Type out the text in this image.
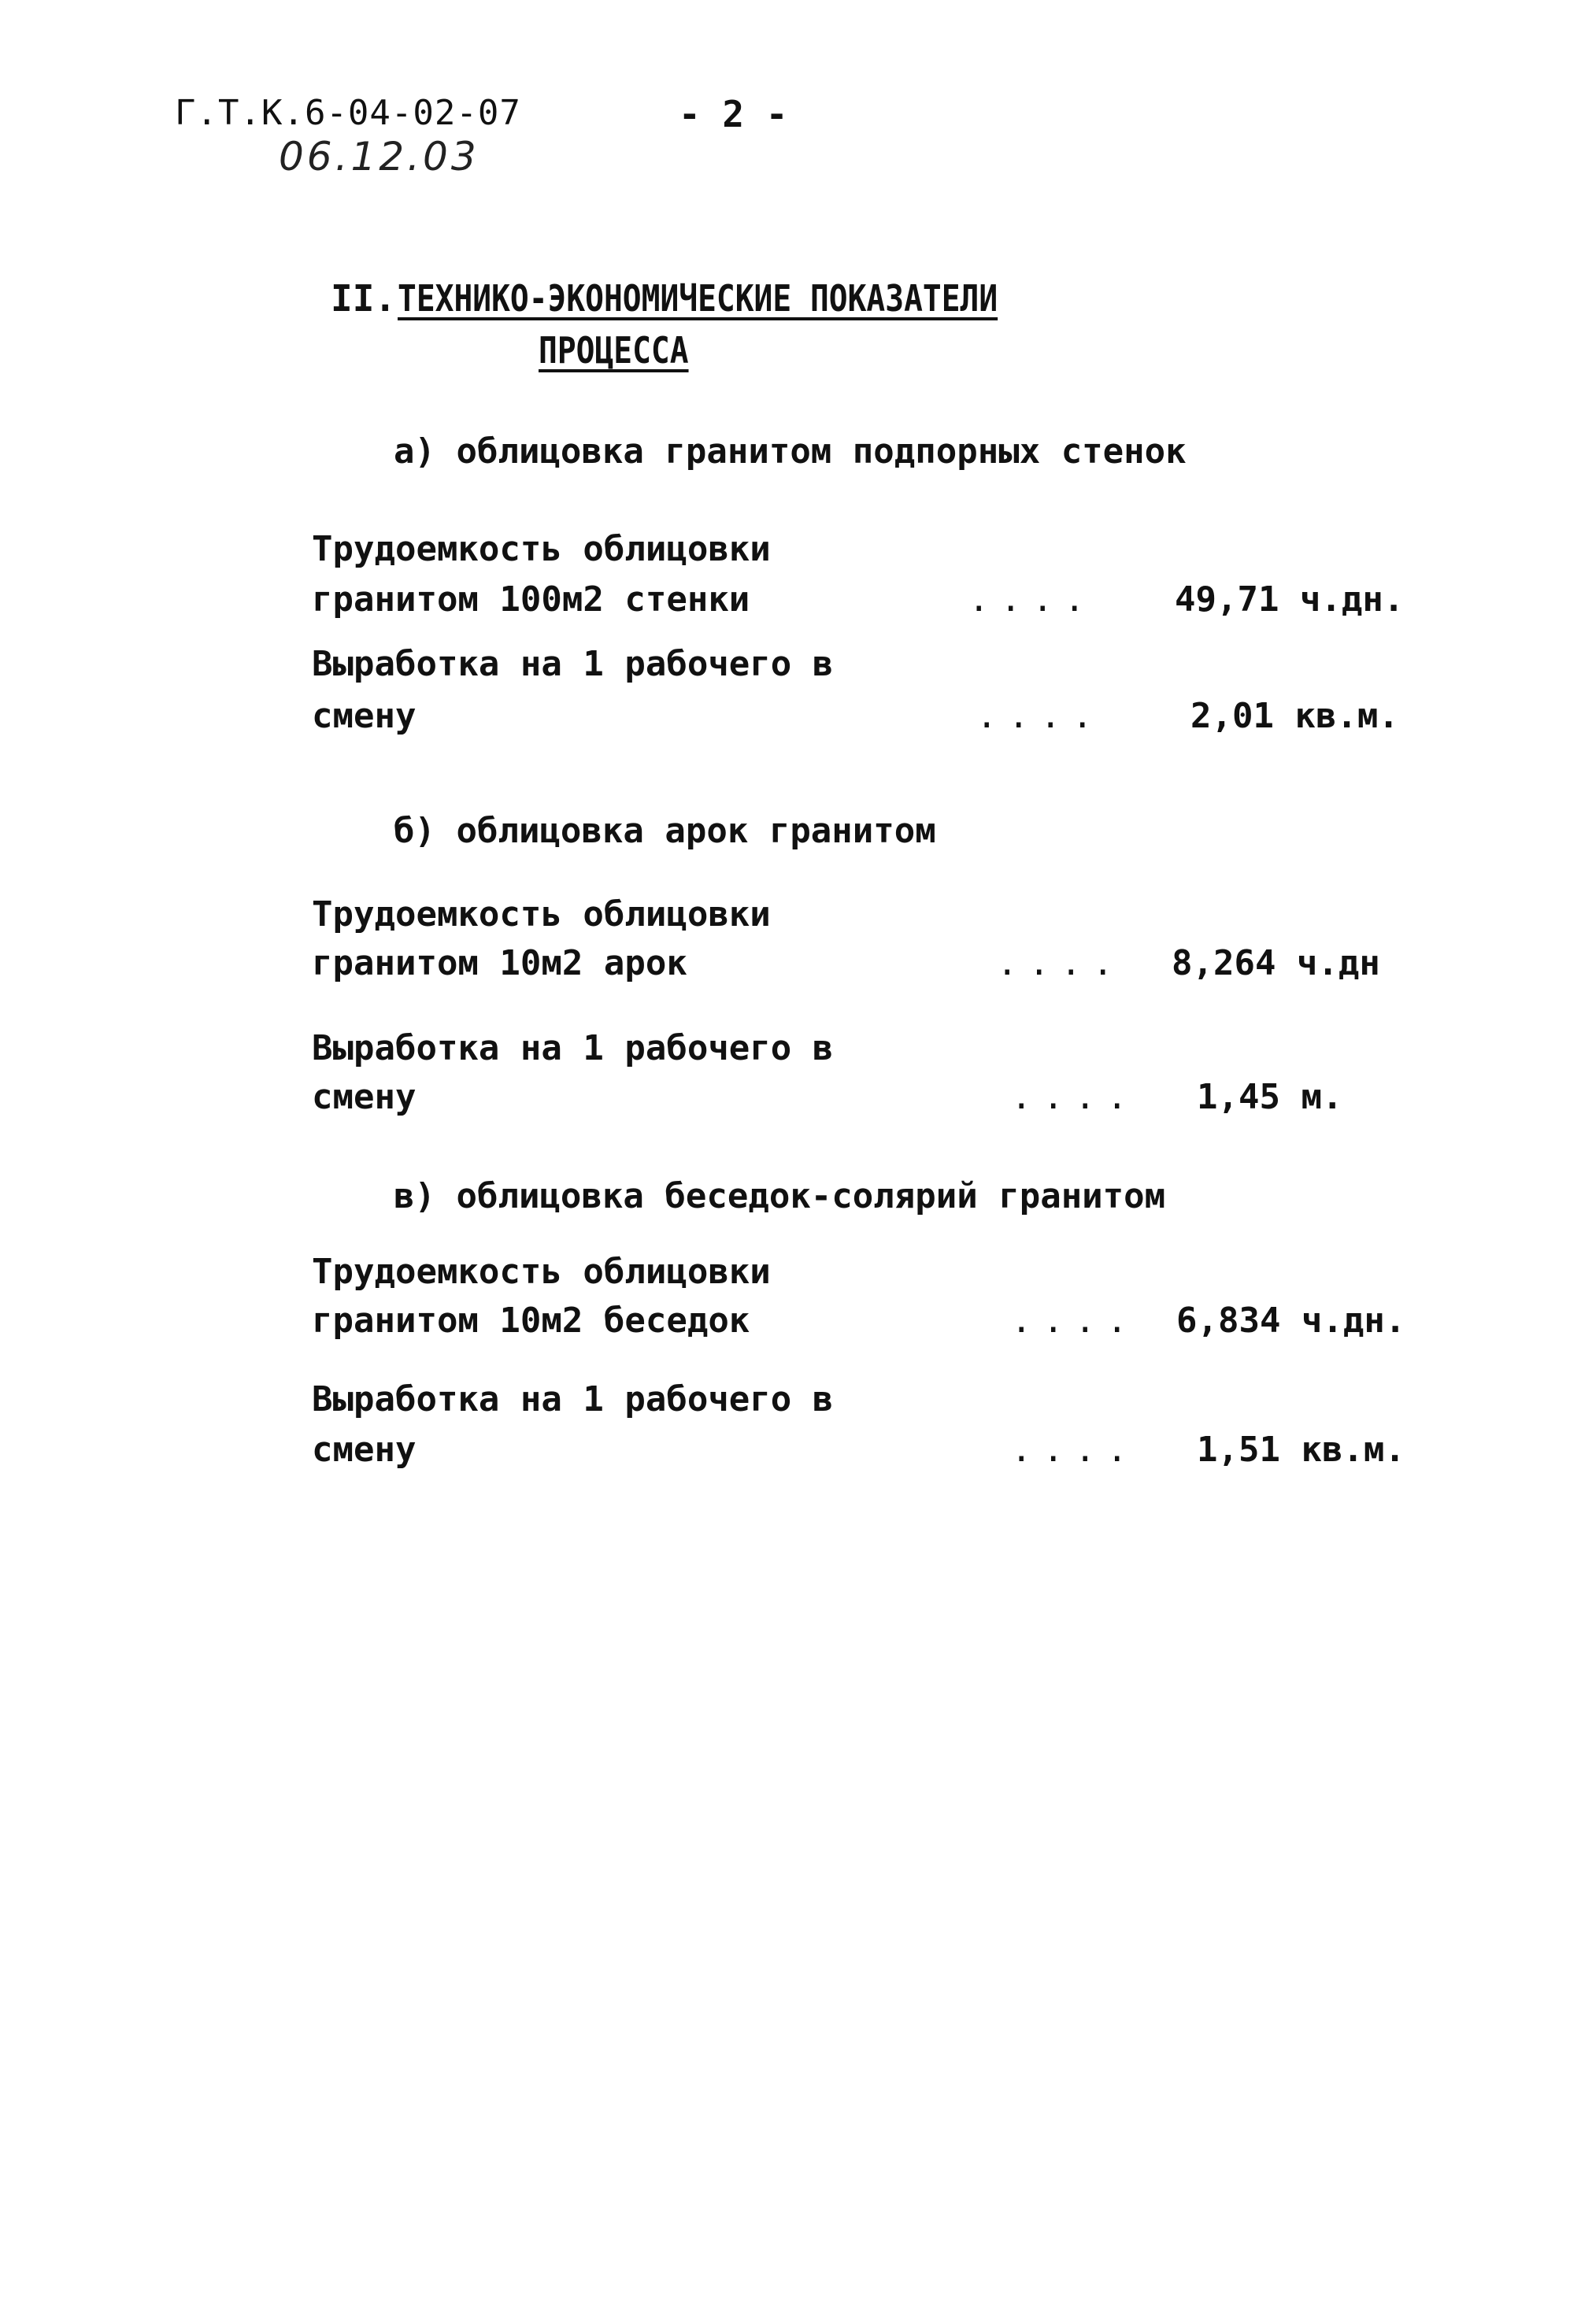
Г.Т.К.6-04-02-07	- 2 -
06.12.03
II. ТЕХНИКО-ЭКОНОМИЧЕСКИЕ ПОКАЗАТЕЛИ
ПРОЦЕССА
а) облицовка гранитом подпорных стенок
Трудоемкость облицовки
гранитом 100м2 стенки	.... 49,71 ч.дн.
Выработка на 1 рабочего в
смену	....	2,01 кв.м.
б) облицовка арок гранитом
Трудоемкость облицовки
гранитом 10м2 арок	.... 8,264 ч.дн
Выработка на 1 рабочего в
смену	.... 1,45 м.
в) облицовка беседок-солярий гранитом
Трудоемкость облицовки
гранитом 10м2 беседок	.... 6,834 ч.дн.
Выработка на 1 рабочего в
смену	.... 1,51 кв.м.
